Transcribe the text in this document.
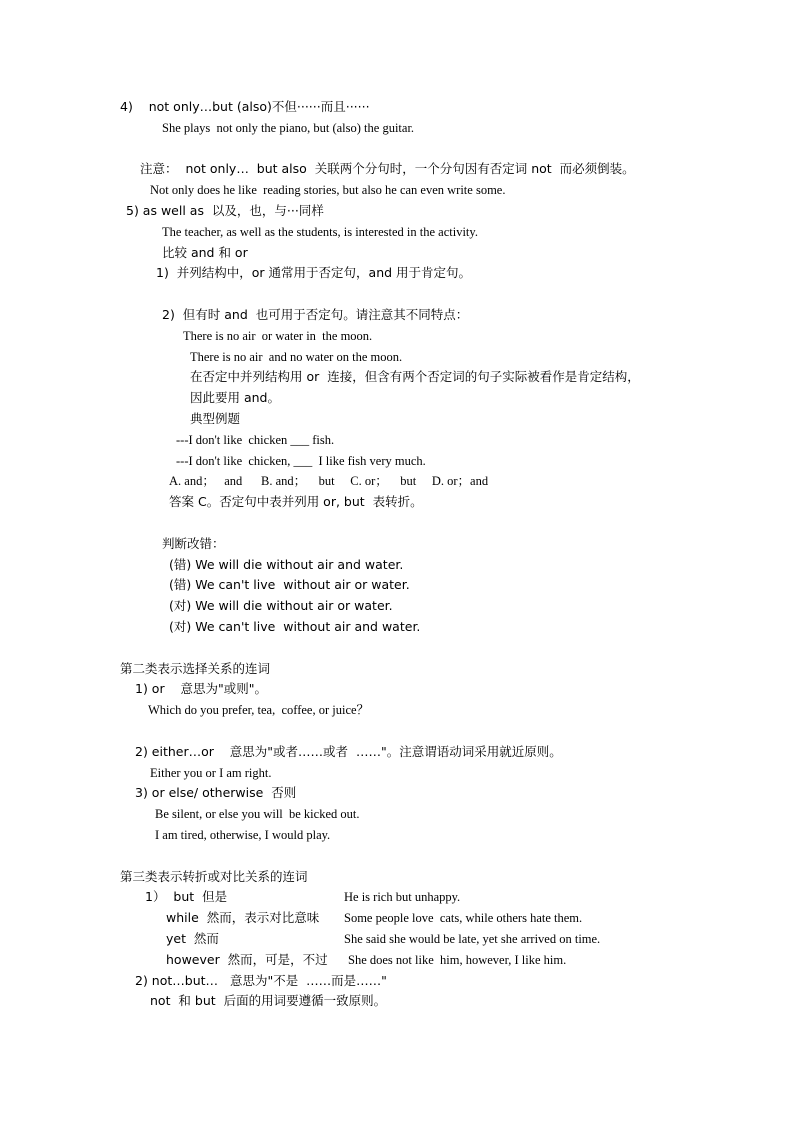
4)    not only…but (also)不但······而且······
She plays  not only the piano, but (also) the guitar.
注意：  not only…  but also  关联两个分句时，一个分句因有否定词 not  而必须倒装。
Not only does he like  reading stories, but also he can even write some.
5) as well as  以及，也，与···同样
The teacher, as well as the students, is interested in the activity.
比较 and 和 or
1)  并列结构中，or 通常用于否定句，and 用于肯定句。
2)  但有时 and  也可用于否定句。请注意其不同特点：
There is no air  or water in  the moon.
There is no air  and no water on the moon.
在否定中并列结构用 or  连接，但含有两个否定词的句子实际被看作是肯定结构，
因此要用 and。
典型例题
---I don't like  chicken ___ fish.
---I don't like  chicken, ___  I like fish very much.
A. and；   and      B. and；    but     C. or；    but     D. or；and
答案 C。否定句中表并列用 or, but  表转折。
判断改错：
(错) We will die without air and water.
(错) We can't live  without air or water.
(对) We will die without air or water.
(对) We can't live  without air and water.
第二类表示选择关系的连词
1) or    意思为"或则"。
Which do you prefer, tea,  coffee, or juice？
2) either…or    意思为"或者……或者  ……"。注意谓语动词采用就近原则。
Either you or I am right.
3) or else/ otherwise  否则
Be silent, or else you will  be kicked out.
I am tired, otherwise, I would play.
第三类表示转折或对比关系的连词
1）  but  但是	He is rich but unhappy.
while  然而，表示对比意味 Some people love  cats, while others hate them.
yet  然而	She said she would be late, yet she arrived on time.
however  然而，可是，不过 She does not like  him, however, I like him.
2) not…but…   意思为"不是  ……而是……"
not  和 but  后面的用词要遵循一致原则。
